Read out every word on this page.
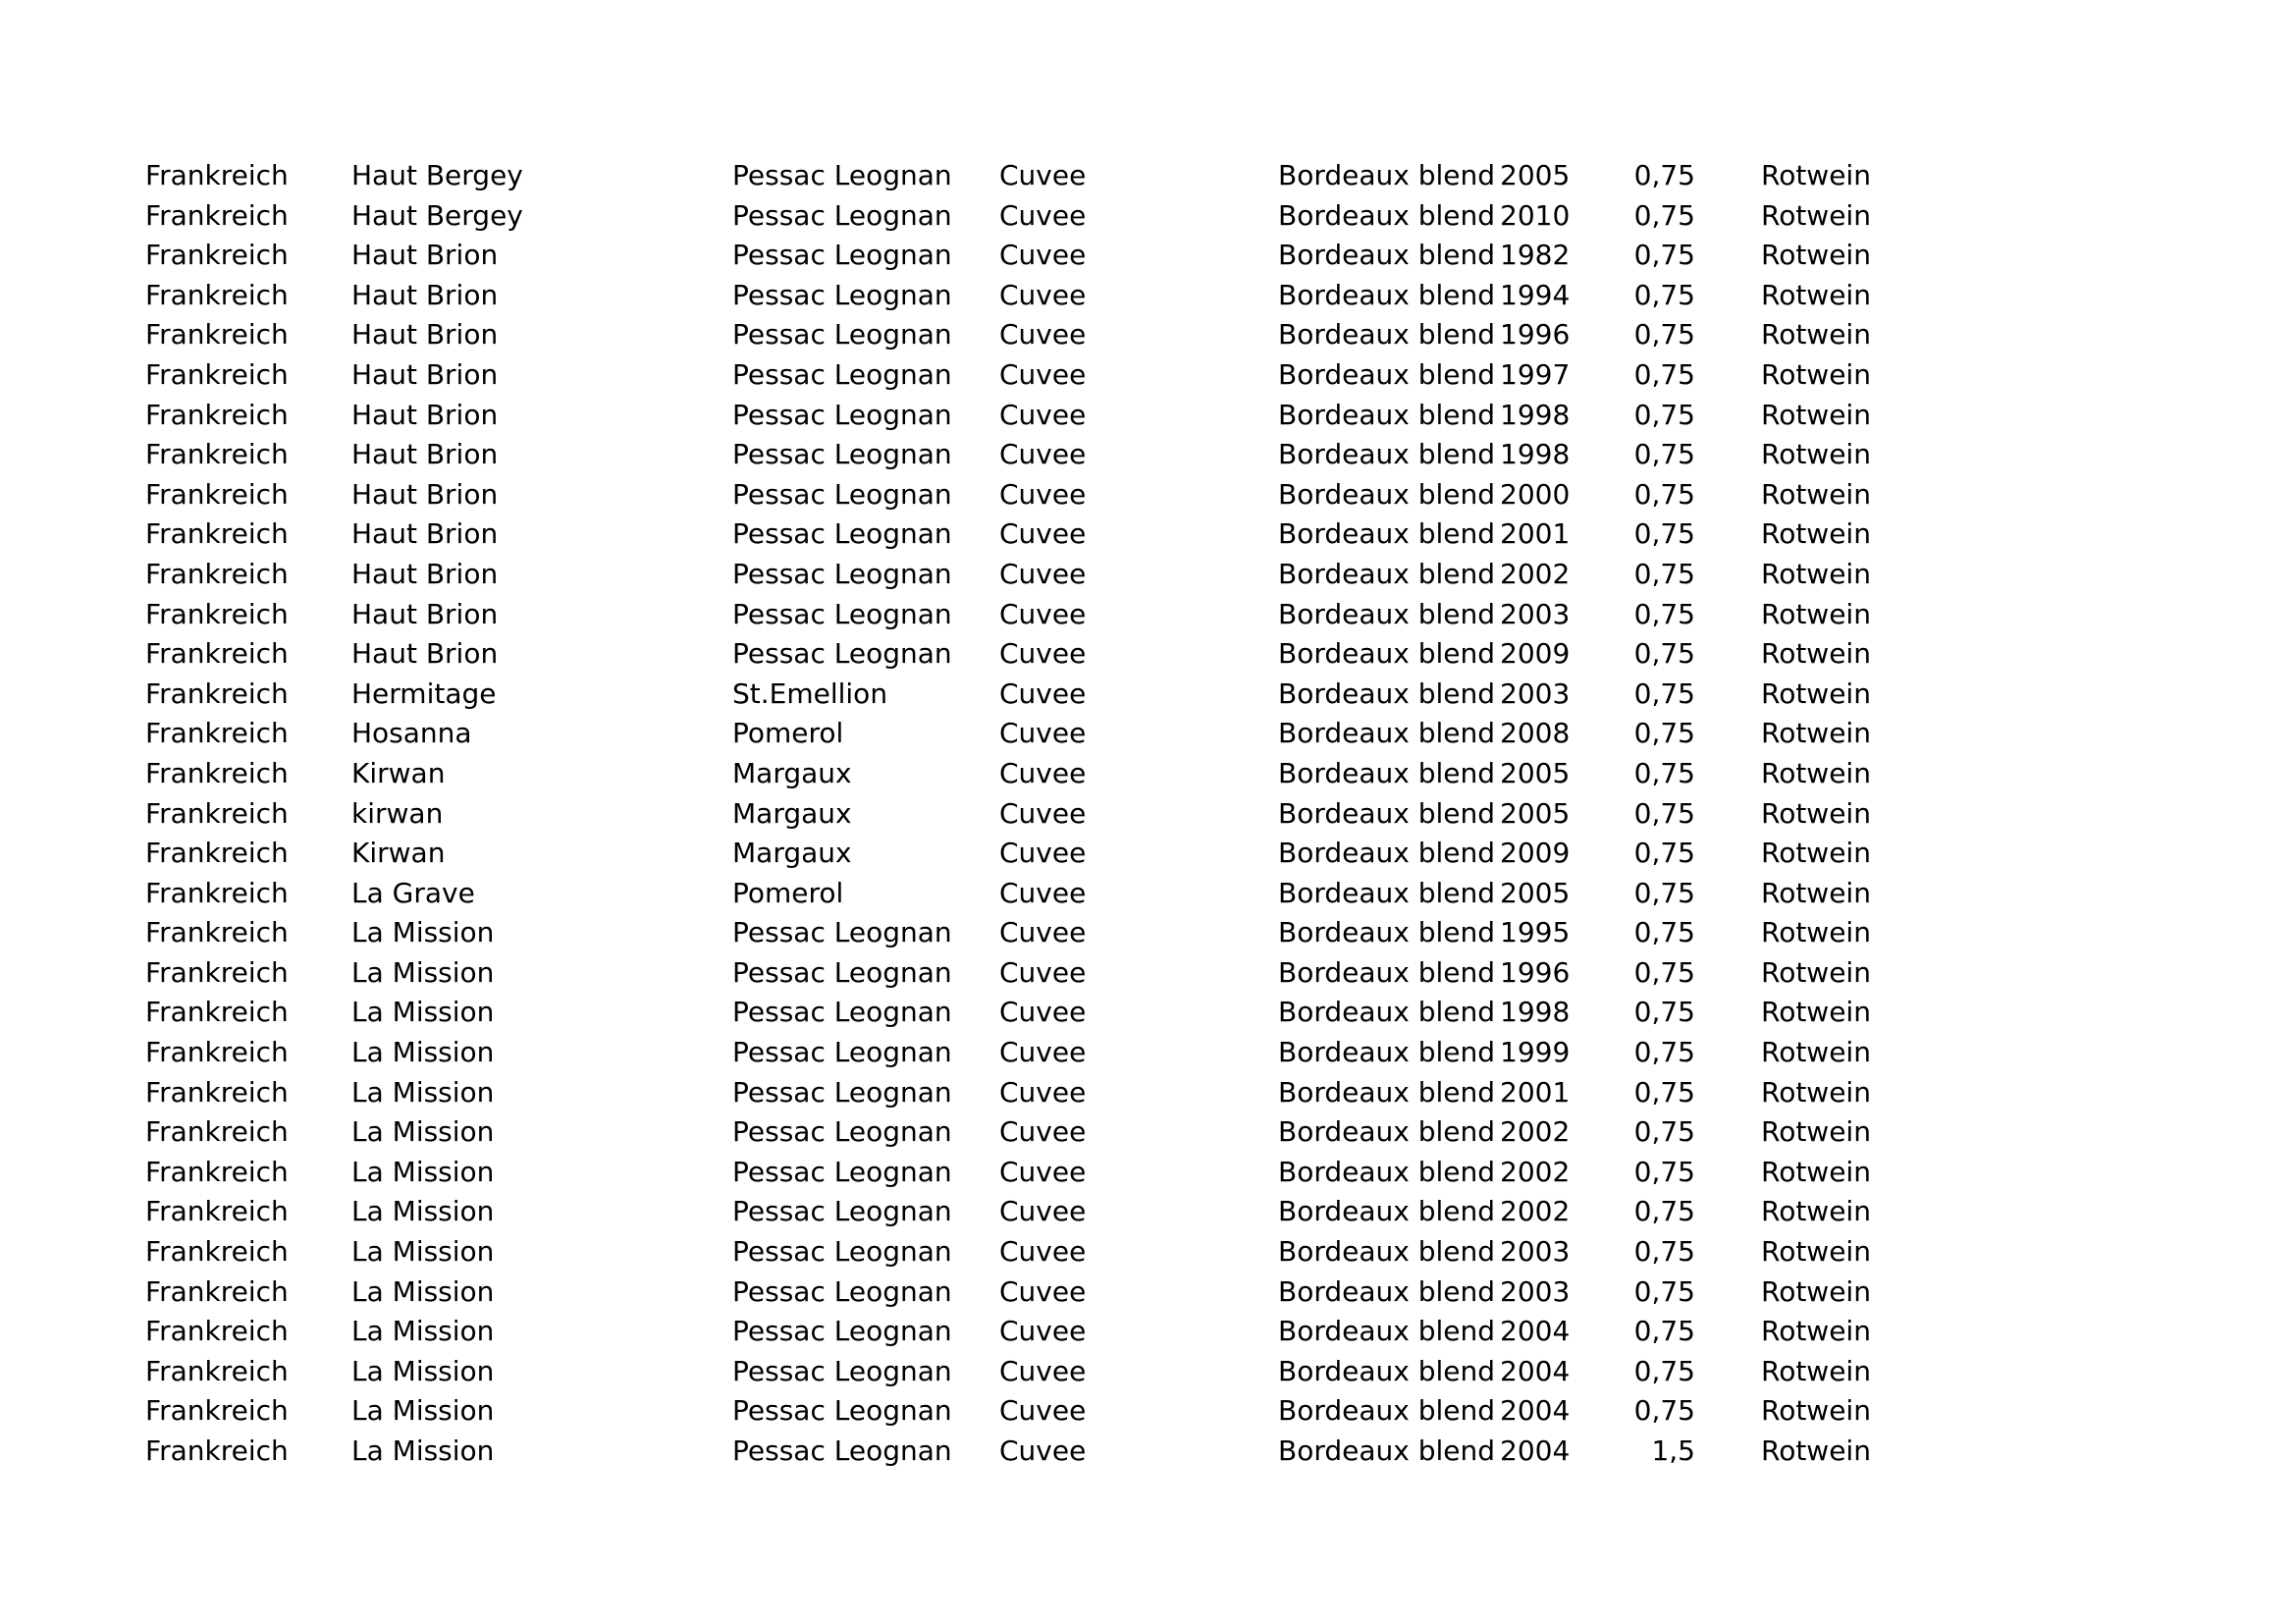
Frankreich	Haut Bergey	Pessac Leognan	Cuvee	Bordeaux blend	2005	0,75		Rotwein
Frankreich	Haut Bergey	Pessac Leognan	Cuvee	Bordeaux blend	2010	0,75		Rotwein
Frankreich	Haut Brion	Pessac Leognan	Cuvee	Bordeaux blend	1982	0,75		Rotwein
Frankreich	Haut Brion	Pessac Leognan	Cuvee	Bordeaux blend	1994	0,75		Rotwein
Frankreich	Haut Brion	Pessac Leognan	Cuvee	Bordeaux blend	1996	0,75		Rotwein
Frankreich	Haut Brion	Pessac Leognan	Cuvee	Bordeaux blend	1997	0,75		Rotwein
Frankreich	Haut Brion	Pessac Leognan	Cuvee	Bordeaux blend	1998	0,75		Rotwein
Frankreich	Haut Brion	Pessac Leognan	Cuvee	Bordeaux blend	1998	0,75		Rotwein
Frankreich	Haut Brion	Pessac Leognan	Cuvee	Bordeaux blend	2000	0,75		Rotwein
Frankreich	Haut Brion	Pessac Leognan	Cuvee	Bordeaux blend	2001	0,75		Rotwein
Frankreich	Haut Brion	Pessac Leognan	Cuvee	Bordeaux blend	2002	0,75		Rotwein
Frankreich	Haut Brion	Pessac Leognan	Cuvee	Bordeaux blend	2003	0,75		Rotwein
Frankreich	Haut Brion	Pessac Leognan	Cuvee	Bordeaux blend	2009	0,75		Rotwein
Frankreich	Hermitage	St.Emellion	Cuvee	Bordeaux blend	2003	0,75		Rotwein
Frankreich	Hosanna	Pomerol	Cuvee	Bordeaux blend	2008	0,75		Rotwein
Frankreich	Kirwan	Margaux	Cuvee	Bordeaux blend	2005	0,75		Rotwein
Frankreich	kirwan	Margaux	Cuvee	Bordeaux blend	2005	0,75		Rotwein
Frankreich	Kirwan	Margaux	Cuvee	Bordeaux blend	2009	0,75		Rotwein
Frankreich	La Grave	Pomerol	Cuvee	Bordeaux blend	2005	0,75		Rotwein
Frankreich	La Mission	Pessac Leognan	Cuvee	Bordeaux blend	1995	0,75		Rotwein
Frankreich	La Mission	Pessac Leognan	Cuvee	Bordeaux blend	1996	0,75		Rotwein
Frankreich	La Mission	Pessac Leognan	Cuvee	Bordeaux blend	1998	0,75		Rotwein
Frankreich	La Mission	Pessac Leognan	Cuvee	Bordeaux blend	1999	0,75		Rotwein
Frankreich	La Mission	Pessac Leognan	Cuvee	Bordeaux blend	2001	0,75		Rotwein
Frankreich	La Mission	Pessac Leognan	Cuvee	Bordeaux blend	2002	0,75		Rotwein
Frankreich	La Mission	Pessac Leognan	Cuvee	Bordeaux blend	2002	0,75		Rotwein
Frankreich	La Mission	Pessac Leognan	Cuvee	Bordeaux blend	2002	0,75		Rotwein
Frankreich	La Mission	Pessac Leognan	Cuvee	Bordeaux blend	2003	0,75		Rotwein
Frankreich	La Mission	Pessac Leognan	Cuvee	Bordeaux blend	2003	0,75		Rotwein
Frankreich	La Mission	Pessac Leognan	Cuvee	Bordeaux blend	2004	0,75		Rotwein
Frankreich	La Mission	Pessac Leognan	Cuvee	Bordeaux blend	2004	0,75		Rotwein
Frankreich	La Mission	Pessac Leognan	Cuvee	Bordeaux blend	2004	0,75		Rotwein
Frankreich	La Mission	Pessac Leognan	Cuvee	Bordeaux blend	2004	1,5		Rotwein
